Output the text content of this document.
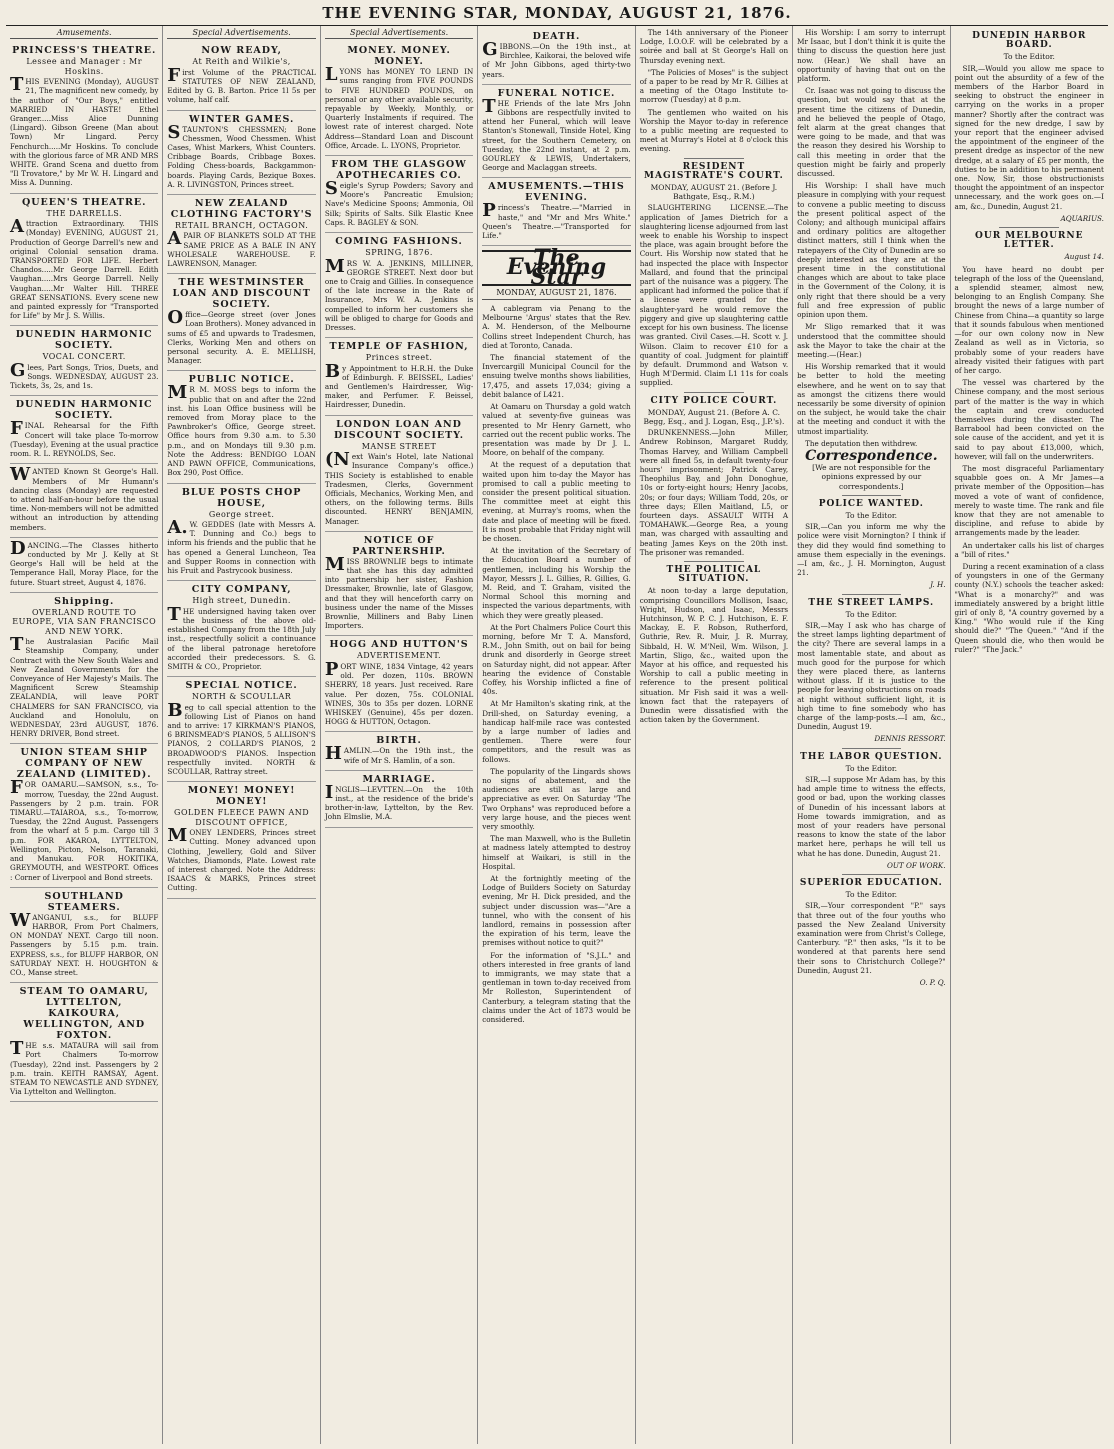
THE EVENING STAR, MONDAY, AUGUST 21, 1876.
Amusements.
PRINCESS'S THEATRE.
Lessee and Manager : Mr Hoskins.

THIS EVENING (Monday), AUGUST 21, The magnificent new comedy, by the author of "Our Boys," entitled MARRIED IN HASTE! Ethel Granger.....Miss Alice Dunning (Lingard). Gibson Greene (Man about Town) Mr Lingard. Percy Fenchurch.....Mr Hoskins. To conclude with the glorious farce of MR AND MRS WHITE. Grand Scena and duetto from "Il Trovatore," by Mr W. H. Lingard and Miss A. Dunning.

QUEEN'S THEATRE.
THE DARRELLS.

Attraction Extraordinary. THIS (Monday) EVENING, AUGUST 21, Production of George Darrell's new and original Colonial sensation drama. TRANSPORTED FOR LIFE. Herbert Chandos.....Mr George Darrell. Edith Vaughan.....Mrs George Darrell. Nelly Vaughan.....Mr Walter Hill. THREE GREAT SENSATIONS. Every scene new and painted expressly for "Transported for Life" by Mr J. S. Willis.

DUNEDIN HARMONIC SOCIETY.
VOCAL CONCERT.

Glees, Part Songs, Trios, Duets, and Songs. WEDNESDAY, AUGUST 23. Tickets, 3s, 2s, and 1s.

DUNEDIN HARMONIC SOCIETY.

FINAL Rehearsal for the Fifth Concert will take place To-morrow (Tuesday), Evening at the usual practice room. R. L. REYNOLDS, Sec.

WANTED Known St George's Hall. Members of Mr Humann's dancing class (Monday) are requested to attend half-an-hour before the usual time. Non-members will not be admitted without an introduction by attending members.

DANCING.—The Classes hitherto conducted by Mr J. Kelly at St George's Hall will be held at the Temperance Hall, Moray Place, for the future. Stuart street, August 4, 1876.

Shipping.
OVERLAND ROUTE TO EUROPE, VIA SAN FRANCISCO AND NEW YORK.

The Australasian Pacific Mail Steamship Company, under Contract with the New South Wales and New Zealand Governments for the Conveyance of Her Majesty's Mails. The Magnificent Screw Steamship ZEALANDIA, will leave PORT CHALMERS for SAN FRANCISCO, via Auckland and Honolulu, on WEDNESDAY, 23rd AUGUST, 1876. HENRY DRIVER, Bond street.

UNION STEAM SHIP COMPANY OF NEW ZEALAND (LIMITED).

FOR OAMARU.—SAMSON, s.s., To-morrow, Tuesday, the 22nd August. Passengers by 2 p.m. train. FOR TIMARU.—TAIAROA, s.s., To-morrow, Tuesday, the 22nd August. Passengers from the wharf at 5 p.m. Cargo till 3 p.m. FOR AKAROA, LYTTELTON, Wellington, Picton, Nelson, Taranaki, and Manukau. FOR HOKITIKA, GREYMOUTH, and WESTPORT. Offices : Corner of Liverpool and Bond streets.

SOUTHLAND STEAMERS.

WANGANUI, s.s., for BLUFF HARBOR, From Port Chalmers, ON MONDAY NEXT. Cargo till noon. Passengers by 5.15 p.m. train. EXPRESS, s.s., for BLUFF HARBOR, ON SATURDAY NEXT. H. HOUGHTON & CO., Manse street.

STEAM TO OAMARU, LYTTELTON, KAIKOURA, WELLINGTON, AND FOXTON.

THE s.s. MATAURA will sail from Port Chalmers To-morrow (Tuesday), 22nd inst. Passengers by 2 p.m. train. KEITH RAMSAY, Agent. STEAM TO NEWCASTLE AND SYDNEY, Via Lyttelton and Wellington.

Special Advertisements.
NOW READY,
At Reith and Wilkie's,

First Volume of the PRACTICAL STATUTES OF NEW ZEALAND, Edited by G. B. Barton. Price 1l 5s per volume, half calf.

WINTER GAMES.

STAUNTON'S CHESSMEN; Bone Chessmen, Wood Chessmen. Whist Cases, Whist Markers, Whist Counters. Cribbage Boards, Cribbage Boxes. Folding Chess-boards, Backgammon-boards. Playing Cards, Bezique Boxes. A. R. LIVINGSTON, Princes street.

NEW ZEALAND CLOTHING FACTORY'S
RETAIL BRANCH, OCTAGON.

APAIR OF BLANKETS SOLD AT THE SAME PRICE AS A BALE IN ANY WHOLESALE WAREHOUSE. F. LAWRENSON, Manager.

THE WESTMINSTER LOAN AND DISCOUNT SOCIETY.

Office—George street (over Jones Loan Brothers). Money advanced in sums of £5 and upwards to Tradesmen, Clerks, Working Men and others on personal security. A. E. MELLISH, Manager.

PUBLIC NOTICE.

MR M. MOSS begs to inform the public that on and after the 22nd inst. his Loan Office business will be removed from Moray place to the Pawnbroker's Office, George street. Office hours from 9.30 a.m. to 5.30 p.m., and on Mondays till 9.30 p.m. Note the Address: BENDIGO LOAN AND PAWN OFFICE, Communications, Box 290, Post Office.

BLUE POSTS CHOP HOUSE,
George street.

A.W. GEDDES (late with Messrs A. T. Dunning and Co.) begs to inform his friends and the public that he has opened a General Luncheon, Tea and Supper Rooms in connection with his Fruit and Pastrycook business.

CITY COMPANY,
High street, Dunedin.

THE undersigned having taken over the business of the above old-established Company from the 18th July inst., respectfully solicit a continuance of the liberal patronage heretofore accorded their predecessors. S. G. SMITH & CO., Proprietor.

SPECIAL NOTICE.
NORTH & SCOULLAR

Beg to call special attention to the following List of Pianos on hand and to arrive: 17 KIRKMAN'S PIANOS, 6 BRINSMEAD'S PIANOS, 5 ALLISON'S PIANOS, 2 COLLARD'S PIANOS, 2 BROADWOOD'S PIANOS. Inspection respectfully invited. NORTH & SCOULLAR, Rattray street.

MONEY! MONEY! MONEY!
GOLDEN FLEECE PAWN AND DISCOUNT OFFICE,

MONEY LENDERS, Princes street Cutting. Money advanced upon Clothing, Jewellery, Gold and Silver Watches, Diamonds, Plate. Lowest rate of interest charged. Note the Address: ISAACS & MARKS, Princes street Cutting.

Special Advertisements.
MONEY. MONEY. MONEY.

LYONS has MONEY TO LEND IN sums ranging from FIVE POUNDS to FIVE HUNDRED POUNDS, on personal or any other available security, repayable by Weekly, Monthly, or Quarterly Instalments if required. The lowest rate of interest charged. Note Address—Standard Loan and Discount Office, Arcade. L. LYONS, Proprietor.

FROM THE GLASGOW APOTHECARIES CO.

Seigle's Syrup Powders; Savory and Moore's Pancreatic Emulsion; Nave's Medicine Spoons; Ammonia, Oil Silk; Spirits of Salts. Silk Elastic Knee Caps. R. BAGLEY & SON.

COMING FASHIONS.
SPRING, 1876.

MRS W. A. JENKINS, MILLINER, GEORGE STREET. Next door but one to Craig and Gillies. In consequence of the late increase in the Rate of Insurance, Mrs W. A. Jenkins is compelled to inform her customers she will be obliged to charge for Goods and Dresses.

TEMPLE OF FASHION,
Princes street.

By Appointment to H.R.H. the Duke of Edinburgh. F. BEISSEL, Ladies' and Gentlemen's Hairdresser, Wig-maker, and Perfumer. F. Beissel, Hairdresser, Dunedin.

LONDON LOAN AND DISCOUNT SOCIETY.
MANSE STREET

(Next Wain's Hotel, late National Insurance Company's office.) THIS Society is established to enable Tradesmen, Clerks, Government Officials, Mechanics, Working Men, and others, on the following terms. Bills discounted. HENRY BENJAMIN, Manager.

NOTICE OF PARTNERSHIP.

MISS BROWNLIE begs to intimate that she has this day admitted into partnership her sister, Fashion Dressmaker, Brownlie, late of Glasgow, and that they will henceforth carry on business under the name of the Misses Brownlie, Milliners and Baby Linen Importers.

HOGG AND HUTTON'S
ADVERTISEMENT.

PORT WINE, 1834 Vintage, 42 years old. Per dozen, 110s. BROWN SHERRY, 18 years. Just received. Rare value. Per dozen, 75s. COLONIAL WINES, 30s to 35s per dozen. LORNE WHISKEY (Genuine), 45s per dozen. HOGG & HUTTON, Octagon.

BIRTH.

HAMLIN.—On the 19th inst., the wife of Mr S. Hamlin, of a son.

MARRIAGE.

INGLIS—LEVTTEN.—On the 10th inst., at the residence of the bride's brother-in-law, Lyttelton, by the Rev. John Elmslie, M.A.

DEATH.

GIBBONS.—On the 19th inst., at Birchlee, Kaikorai, the beloved wife of Mr John Gibbons, aged thirty-two years.

FUNERAL NOTICE.

THE Friends of the late Mrs John Gibbons are respectfully invited to attend her Funeral, which will leave Stanton's Stonewall, Tinside Hotel, King street, for the Southern Cemetery, on Tuesday, the 22nd instant, at 2 p.m. GOURLEY & LEWIS, Undertakers, George and Maclaggan streets.

AMUSEMENTS.—THIS EVENING.

Princess's Theatre.—"Married in haste," and "Mr and Mrs White." Queen's Theatre.—"Transported for Life."

The Evening Star
MONDAY, AUGUST 21, 1876.

A cablegram via Penang to the Melbourne 'Argus' states that the Rev. A. M. Henderson, of the Melbourne Collins street Independent Church, has died at Toronto, Canada.

The financial statement of the Invercargill Municipal Council for the ensuing twelve months shows liabilities, 17,475, and assets 17,034; giving a debit balance of L421.

At Oamaru on Thursday a gold watch valued at seventy-five guineas was presented to Mr Henry Garnett, who carried out the recent public works. The presentation was made by Dr J. L. Moore, on behalf of the company.

At the request of a deputation that waited upon him to-day the Mayor has promised to call a public meeting to consider the present political situation. The committee meet at eight this evening, at Murray's rooms, when the date and place of meeting will be fixed. It is most probable that Friday night will be chosen.

At the invitation of the Secretary of the Education Board a number of gentlemen, including his Worship the Mayor, Messrs J. L. Gillies, R. Gillies, G. M. Reid, and T. Graham, visited the Normal School this morning and inspected the various departments, with which they were greatly pleased.

At the Port Chalmers Police Court this morning, before Mr T. A. Mansford, R.M., John Smith, out on bail for being drunk and disorderly in George street on Saturday night, did not appear. After hearing the evidence of Constable Coffey, his Worship inflicted a fine of 40s.

At Mr Hamilton's skating rink, at the Drill-shed, on Saturday evening, a handicap half-mile race was contested by a large number of ladies and gentlemen. There were four competitors, and the result was as follows.

The popularity of the Lingards shows no signs of abatement, and the audiences are still as large and appreciative as ever. On Saturday "The Two Orphans" was reproduced before a very large house, and the pieces went very smoothly.

The man Maxwell, who is the Bulletin at madness lately attempted to destroy himself at Waikari, is still in the Hospital.

At the fortnightly meeting of the Lodge of Builders Society on Saturday evening, Mr H. Dick presided, and the subject under discussion was—"Are a tunnel, who with the consent of his landlord, remains in possession after the expiration of his term, leave the premises without notice to quit?"

For the information of "S.J.L." and others interested in free grants of land to immigrants, we may state that a gentleman in town to-day received from Mr Rolleston, Superintendent of Canterbury, a telegram stating that the claims under the Act of 1873 would be considered.

The 14th anniversary of the Pioneer Lodge, I.O.O.F. will be celebrated by a soirée and ball at St George's Hall on Thursday evening next.

"The Policies of Moses" is the subject of a paper to be read by Mr R. Gillies at a meeting of the Otago Institute to-morrow (Tuesday) at 8 p.m.

The gentlemen who waited on his Worship the Mayor to-day in reference to a public meeting are requested to meet at Murray's Hotel at 8 o'clock this evening.

RESIDENT MAGISTRATE'S COURT.
MONDAY, AUGUST 21. (Before J. Bathgate, Esq., R.M.)

SLAUGHTERING LICENSE.—The application of James Dietrich for a slaughtering license adjourned from last week to enable his Worship to inspect the place, was again brought before the Court. His Worship now stated that he had inspected the place with Inspector Mallard, and found that the principal part of the nuisance was a piggery. The applicant had informed the police that if a license were granted for the slaughter-yard he would remove the piggery and give up slaughtering cattle except for his own business. The license was granted. Civil Cases.—H. Scott v. J. Wilson. Claim to recover £10 for a quantity of coal. Judgment for plaintiff by default. Drummond and Watson v. Hugh M'Dermid. Claim L1 11s for coals supplied.

CITY POLICE COURT.
MONDAY, August 21. (Before A. C. Begg, Esq., and J. Logan, Esq., J.P.'s).

DRUNKENNESS.—John Miller, Andrew Robinson, Margaret Ruddy, Thomas Harvey, and William Campbell were all fined 5s, in default twenty-four hours' imprisonment; Patrick Carey, Theophilus Bay, and John Donoghue, 10s or forty-eight hours; Henry Jacobs, 20s; or four days; William Todd, 20s, or three days; Ellen Maitland, L5, or fourteen days. ASSAULT WITH A TOMAHAWK.—George Rea, a young man, was charged with assaulting and beating James Keys on the 20th inst. The prisoner was remanded.

THE POLITICAL SITUATION.

At noon to-day a large deputation, comprising Councillors Mollison, Isaac, Wright, Hudson, and Isaac, Messrs Hutchinson, W. P. C. J. Hutchison, E. F. Mackay, E. F. Robson, Rutherford, Guthrie, Rev. R. Muir, J. R. Murray, Sibbald, H. W. M'Neil, Wm. Wilson, J. Martin, Sligo, &c., waited upon the Mayor at his office, and requested his Worship to call a public meeting in reference to the present political situation. Mr Fish said it was a well-known fact that the ratepayers of Dunedin were dissatisfied with the action taken by the Government.

His Worship: I am sorry to interrupt Mr Isaac, but I don't think it is quite the thing to discuss the question here just now. (Hear.) We shall have an opportunity of having that out on the platform.

Cr. Isaac was not going to discuss the question, but would say that at the present time the citizens of Dunedin, and he believed the people of Otago, felt alarm at the great changes that were going to be made, and that was the reason they desired his Worship to call this meeting in order that the question might be fairly and properly discussed.

His Worship: I shall have much pleasure in complying with your request to convene a public meeting to discuss the present political aspect of the Colony; and although municipal affairs and ordinary politics are altogether distinct matters, still I think when the ratepayers of the City of Dunedin are so deeply interested as they are at the present time in the constitutional changes which are about to take place in the Government of the Colony, it is only right that there should be a very full and free expression of public opinion upon them.

Mr Sligo remarked that it was understood that the committee should ask the Mayor to take the chair at the meeting.—(Hear.)

His Worship remarked that it would be better to hold the meeting elsewhere, and he went on to say that as amongst the citizens there would necessarily be some diversity of opinion on the subject, he would take the chair at the meeting and conduct it with the utmost impartiality.

The deputation then withdrew.

Correspondence.
[We are not responsible for the opinions expressed by our correspondents.]
POLICE WANTED.
To the Editor.

SIR,—Can you inform me why the police were visit Mornington? I think if they did they would find something to amuse them especially in the evenings.—I am, &c., J. H. Mornington, August 21.

J. H.
THE STREET LAMPS.
To the Editor.

SIR,—May I ask who has charge of the street lamps lighting department of the city? There are several lamps in a most lamentable state, and about as much good for the purpose for which they were placed there, as lanterns without glass. If it is justice to the people for leaving obstructions on roads at night without sufficient light, it is high time to fine somebody who has charge of the lamp-posts.—I am, &c., Dunedin, August 19.

DENNIS RESSORT.
THE LABOR QUESTION.
To the Editor.

SIR,—I suppose Mr Adam has, by this had ample time to witness the effects, good or bad, upon the working classes of Dunedin of his incessant labors at Home towards immigration, and as most of your readers have personal reasons to know the state of the labor market here, perhaps he will tell us what he has done. Dunedin, August 21.

OUT OF WORK.
SUPERIOR EDUCATION.
To the Editor.

SIR,—Your correspondent "P." says that three out of the four youths who passed the New Zealand University examination were from Christ's College, Canterbury. "P." then asks, "Is it to be wondered at that parents here send their sons to Christchurch College?" Dunedin, August 21.

O. P. Q.
DUNEDIN HARBOR BOARD.
To the Editor.

SIR,—Would you allow me space to point out the absurdity of a few of the members of the Harbor Board in seeking to obstruct the engineer in carrying on the works in a proper manner? Shortly after the contract was signed for the new dredge, I saw by your report that the engineer advised the appointment of the engineer of the present dredge as inspector of the new dredge, at a salary of £5 per month, the duties to be in addition to his permanent one. Now, Sir, those obstructionists thought the appointment of an inspector unnecessary, and the work goes on.—I am, &c., Dunedin, August 21.

AQUARIUS.
OUR MELBOURNE LETTER.
August 14.

You have heard no doubt per telegraph of the loss of the Queensland, a splendid steamer, almost new, belonging to an English Company. She brought the news of a large number of Chinese from China—a quantity so large that it sounds fabulous when mentioned—for our own colony now in New Zealand as well as in Victoria, so probably some of your readers have already visited their fatigues with part of her cargo.

The vessel was chartered by the Chinese company, and the most serious part of the matter is the way in which the captain and crew conducted themselves during the disaster. The Barrabool had been convicted on the sole cause of the accident, and yet it is said to pay about £13,000, which, however, will fall on the underwriters.

The most disgraceful Parliamentary squabble goes on. A Mr James—a private member of the Opposition—has moved a vote of want of confidence, merely to waste time. The rank and file know that they are not amenable to discipline, and refuse to abide by arrangements made by the leader.

An undertaker calls his list of charges a "bill of rites."

During a recent examination of a class of youngsters in one of the Germany county (N.Y.) schools the teacher asked: "What is a monarchy?" and was immediately answered by a bright little girl of only 8, "A country governed by a King." "Who would rule if the King should die?" "The Queen." "And if the Queen should die, who then would be ruler?" "The Jack."
